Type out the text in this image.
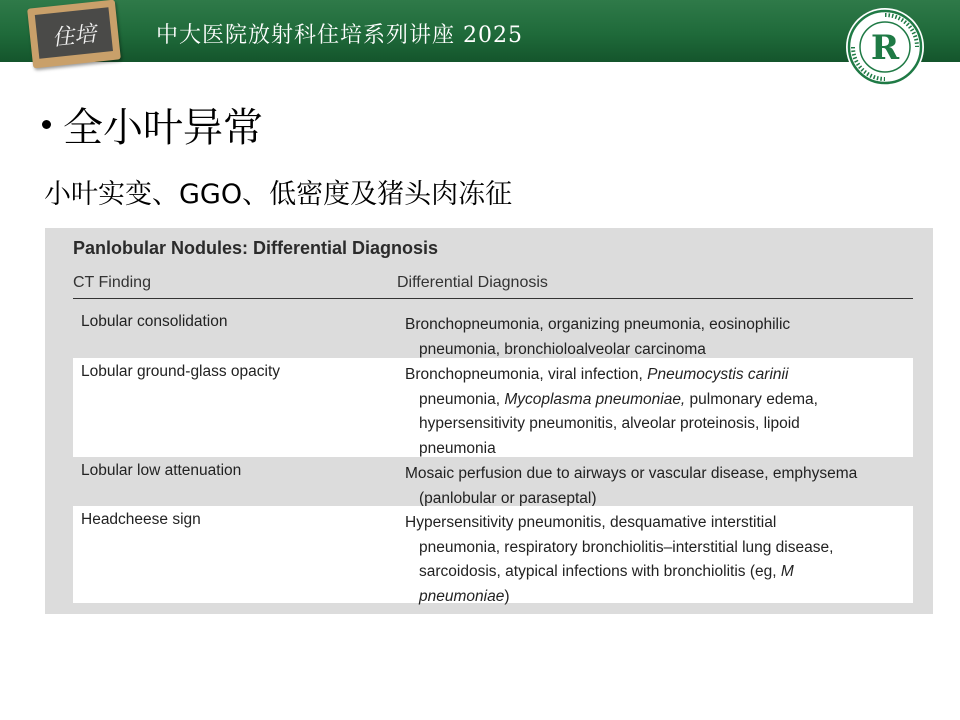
住培	中大医院放射科住培系列讲座 2025	R
全小叶异常
小叶实变、GGO、低密度及猪头肉冻征
Panlobular Nodules: Differential Diagnosis
CT Finding	Differential Diagnosis
Lobular consolidation	Bronchopneumonia, organizing pneumonia, eosinophilic
pneumonia, bronchioloalveolar carcinoma
Lobular ground-glass opacity	Bronchopneumonia, viral infection, Pneumocystis carinii
pneumonia, Mycoplasma pneumoniae, pulmonary edema,
hypersensitivity pneumonitis, alveolar proteinosis, lipoid
pneumonia
Lobular low attenuation	Mosaic perfusion due to airways or vascular disease, emphysema
(panlobular or paraseptal)
Headcheese sign	Hypersensitivity pneumonitis, desquamative interstitial
pneumonia, respiratory bronchiolitis–interstitial lung disease,
sarcoidosis, atypical infections with bronchiolitis (eg, M
pneumoniae)
